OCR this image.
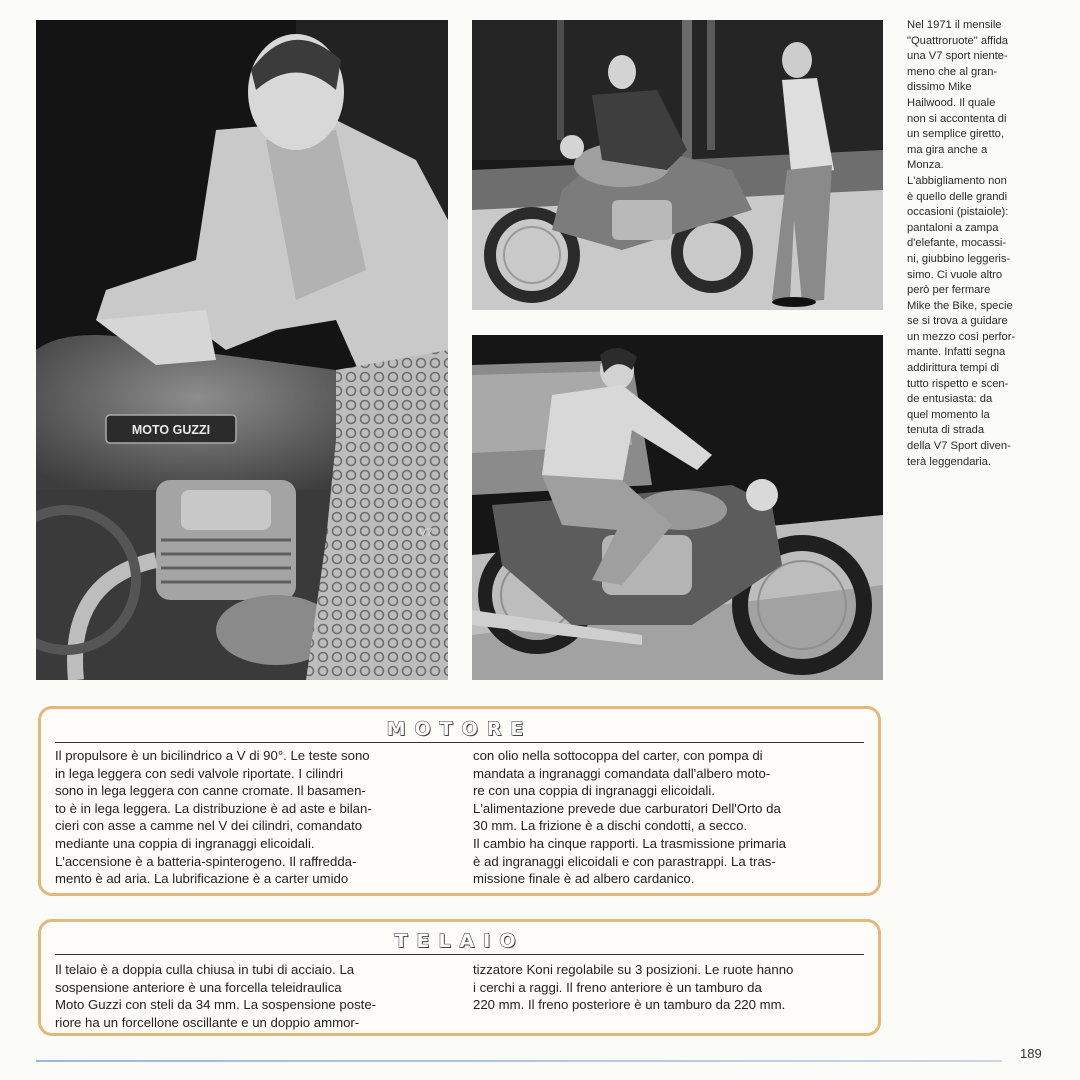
MOTO GUZZI
V7

Nel 1971 il mensile
"Quattroruote" affida
una V7 sport niente-
meno che al gran-
dissimo Mike
Hailwood. Il quale
non si accontenta di
un semplice giretto,
ma gira anche a
Monza.
L'abbigliamento non
è quello delle grandi
occasioni (pistaiole):
pantaloni a zampa
d'elefante, mocassi-
ni, giubbino leggeris-
simo. Ci vuole altro
però per fermare
Mike the Bike, specie
se si trova a guidare
un mezzo così perfor-
mante. Infatti segna
addirittura tempi di
tutto rispetto e scen-
de entusiasta: da
quel momento la
tenuta di strada
della V7 Sport diven-
terà leggendaria.

MOTORE

Il propulsore è un bicilindrico a V di 90°. Le teste sono
in lega leggera con sedi valvole riportate. I cilindri
sono in lega leggera con canne cromate. Il basamen-
to è in lega leggera. La distribuzione è ad aste e bilan-
cieri con asse a camme nel V dei cilindri, comandato
mediante una coppia di ingranaggi elicoidali.
L'accensione è a batteria-spinterogeno. Il raffredda-
mento è ad aria. La lubrificazione è a carter umido

con olio nella sottocoppa del carter, con pompa di
mandata a ingranaggi comandata dall'albero moto-
re con una coppia di ingranaggi elicoidali.
L'alimentazione prevede due carburatori Dell'Orto da
30 mm. La frizione è a dischi condotti, a secco.
Il cambio ha cinque rapporti. La trasmissione primaria
è ad ingranaggi elicoidali e con parastrappi. La tras-
missione finale è ad albero cardanico.

TELAIO

Il telaio è a doppia culla chiusa in tubi di acciaio. La
sospensione anteriore è una forcella teleidraulica
Moto Guzzi con steli da 34 mm. La sospensione poste-
riore ha un forcellone oscillante e un doppio ammor-

tizzatore Koni regolabile su 3 posizioni. Le ruote hanno
i cerchi a raggi. Il freno anteriore è un tamburo da
220 mm. Il freno posteriore è un tamburo da 220 mm.

189
